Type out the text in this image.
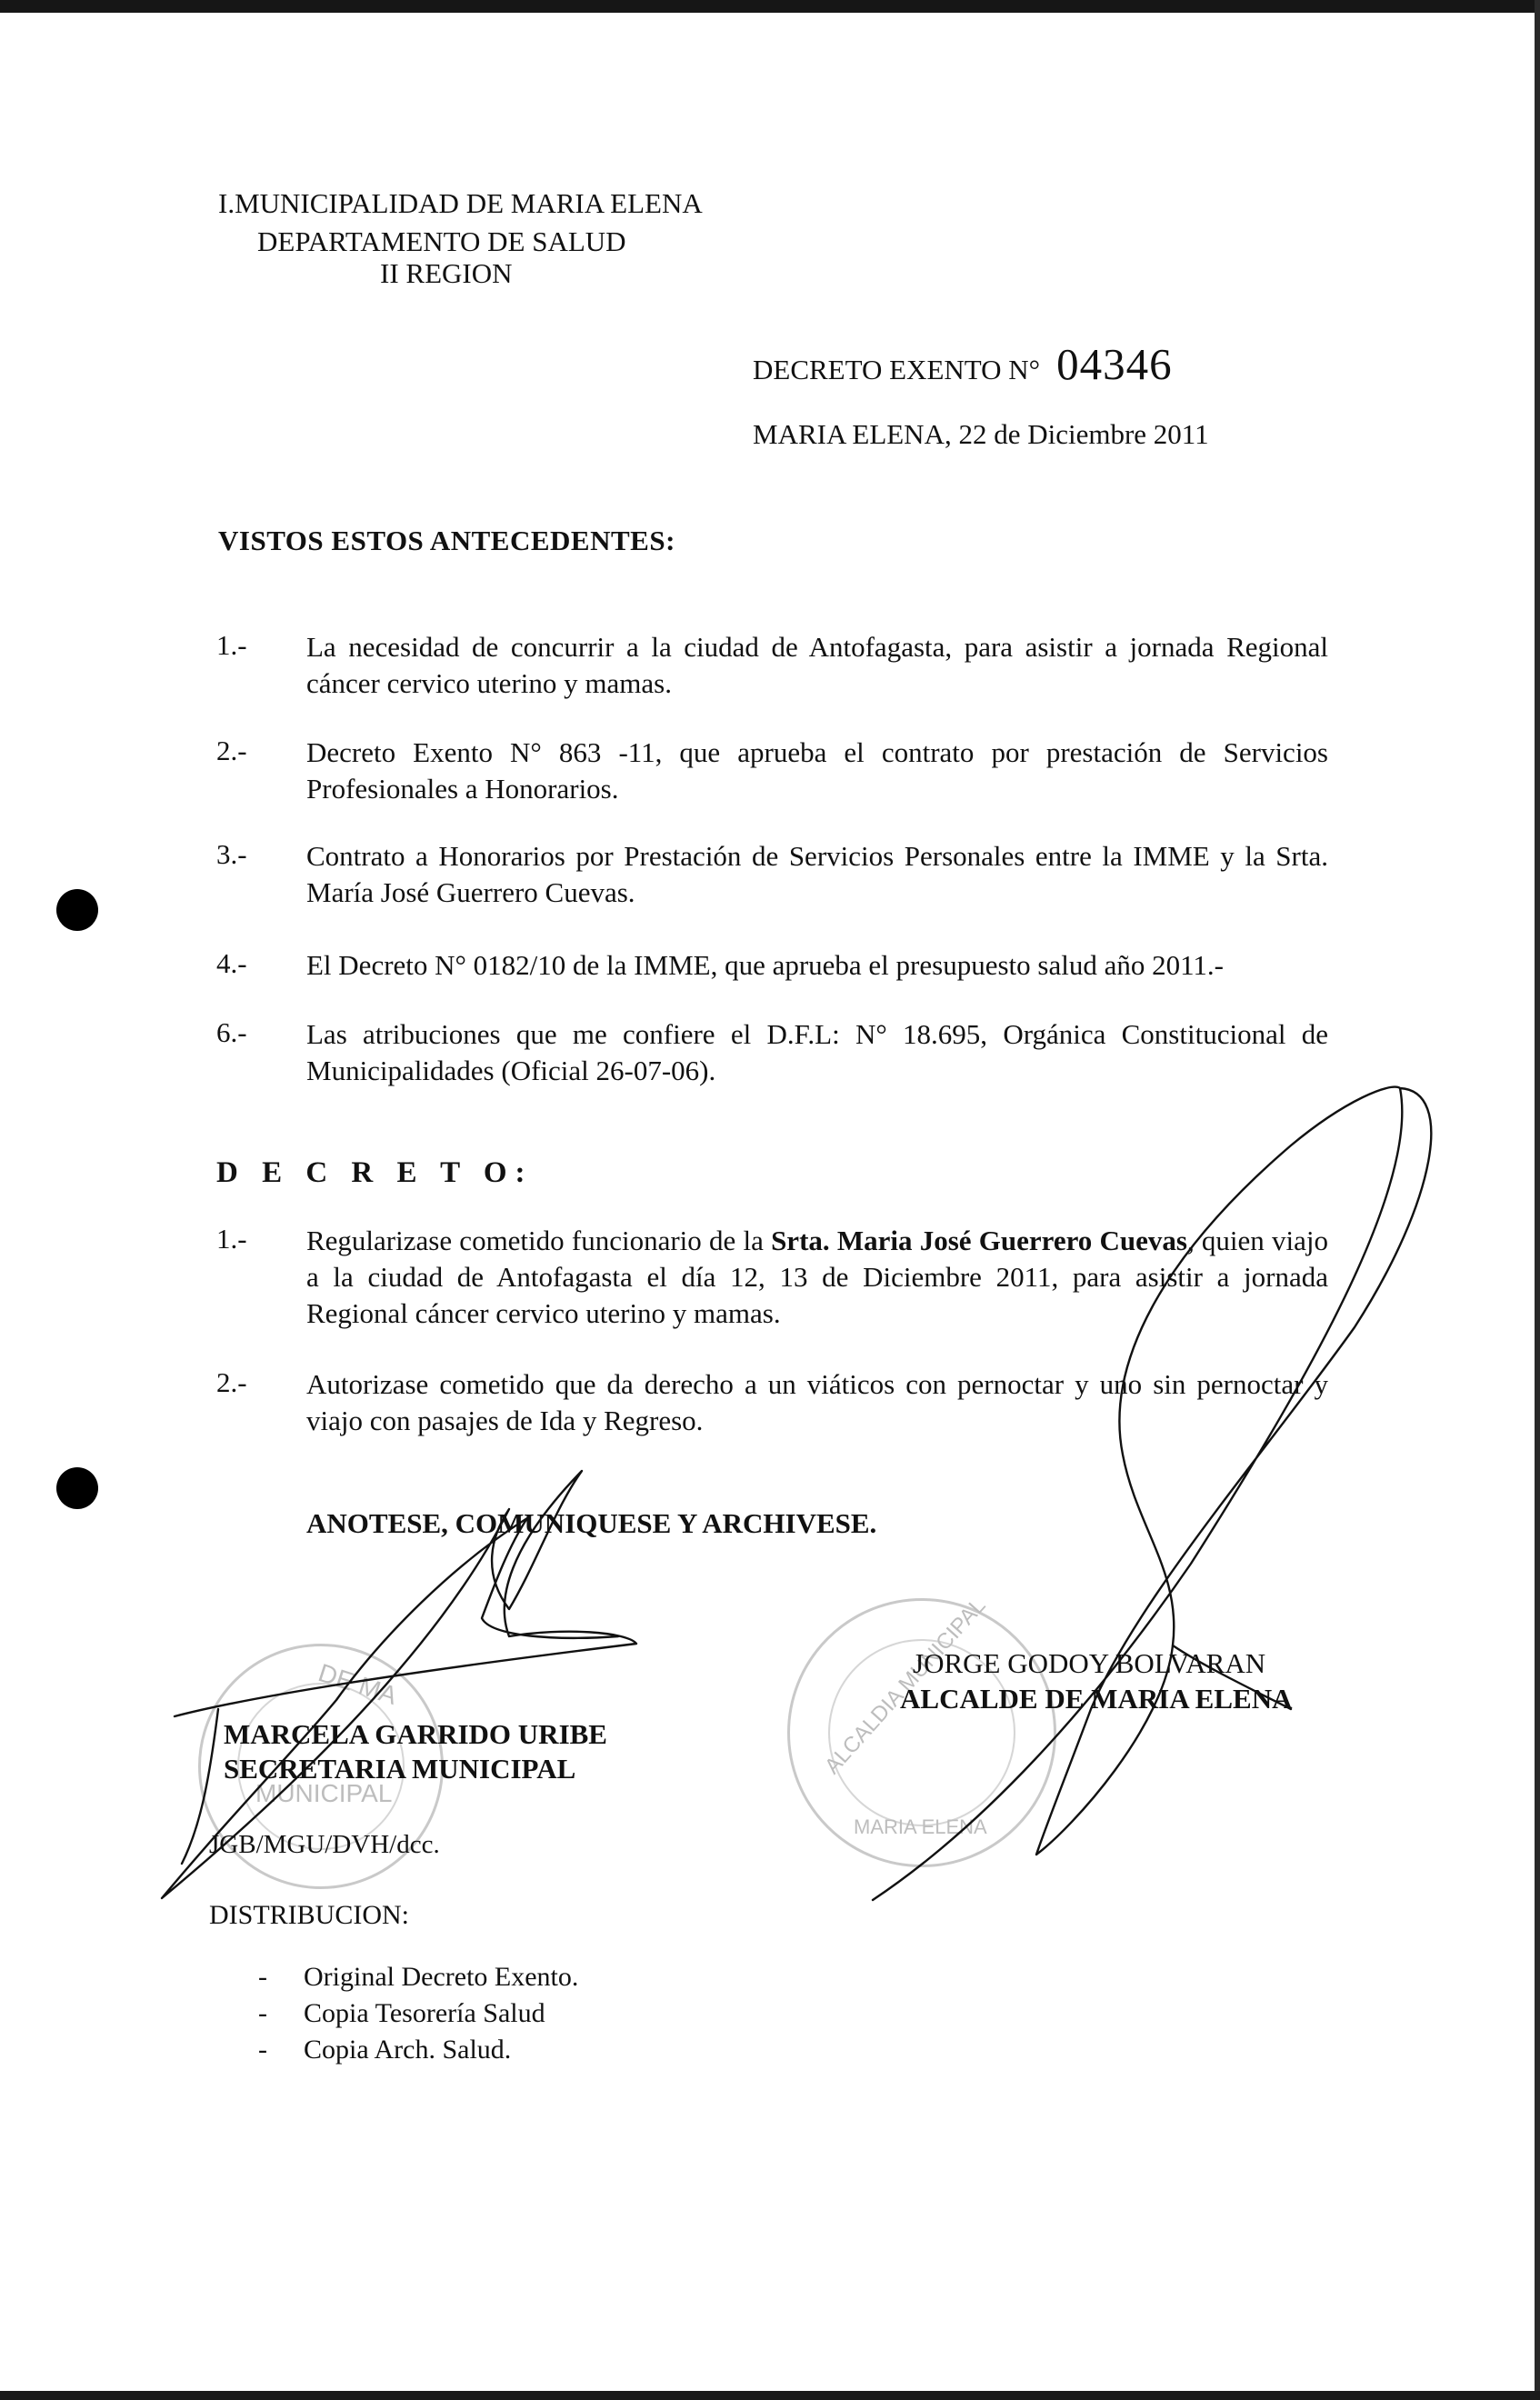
I.MUNICIPALIDAD DE MARIA ELENA
DEPARTAMENTO DE SALUD
II REGION
DECRETO EXENTO N° 04346
MARIA ELENA, 22 de Diciembre 2011
VISTOS ESTOS ANTECEDENTES:
1.- La necesidad de concurrir a la ciudad de Antofagasta, para asistir a jornada Regional cáncer cervico uterino y mamas.
2.- Decreto Exento N° 863 -11, que aprueba el contrato por prestación de Servicios Profesionales a Honorarios.
3.- Contrato a Honorarios por Prestación de Servicios Personales entre la IMME y la Srta. María José Guerrero Cuevas.
4.- El Decreto N° 0182/10 de la IMME, que aprueba el presupuesto salud año 2011.-
6.- Las atribuciones que me confiere el D.F.L: N° 18.695, Orgánica Constitucional de Municipalidades (Oficial 26-07-06).
D E C R E T O:
1.- Regularizase cometido funcionario de la Srta. Maria José Guerrero Cuevas, quien viajo a la ciudad de Antofagasta el día 12, 13 de Diciembre 2011, para asistir a jornada Regional cáncer cervico uterino y mamas.
2.- Autorizase cometido que da derecho a un viáticos con pernoctar y uno sin pernoctar y viajo con pasajes de Ida y Regreso.
ANOTESE, COMUNIQUESE Y ARCHIVESE.
DE MA
MUNICIPAL
ALCALDIA MUNICIPAL
MARIA ELENA
MARCELA GARRIDO URIBE
SECRETARIA MUNICIPAL
JORGE GODOY BOLVARAN
ALCALDE DE MARIA ELENA
JGB/MGU/DVH/dcc.
DISTRIBUCION:
- Original Decreto Exento.
- Copia Tesorería Salud
- Copia Arch. Salud.
